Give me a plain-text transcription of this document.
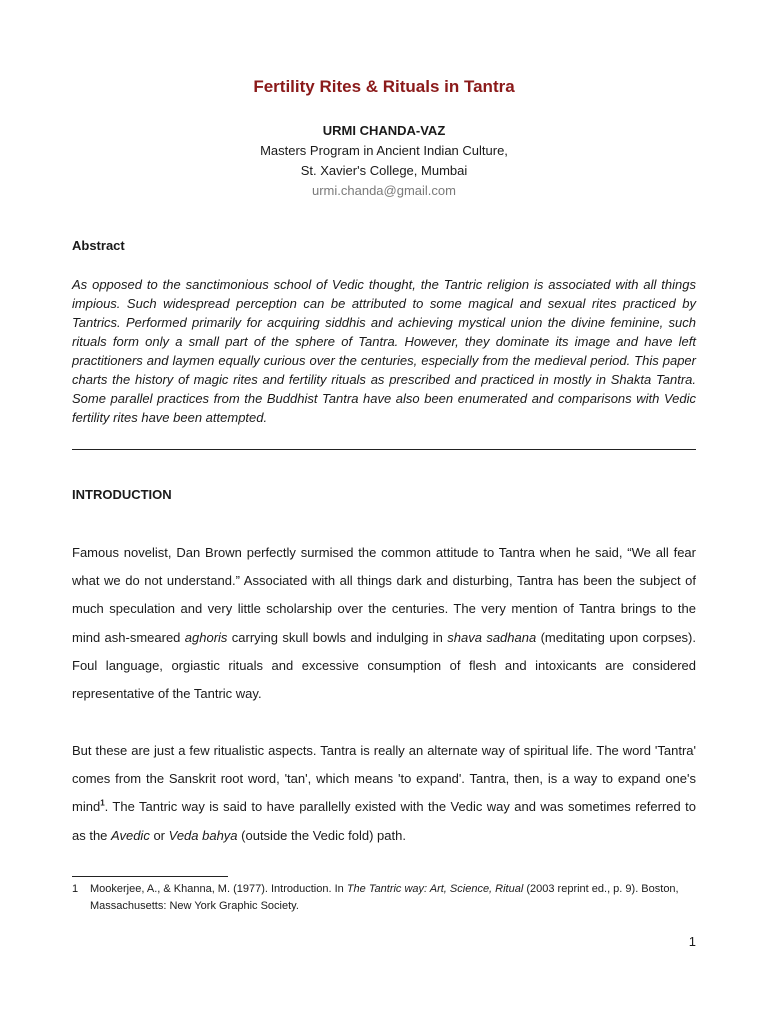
Fertility Rites & Rituals in Tantra
URMI CHANDA-VAZ
Masters Program in Ancient Indian Culture,
St. Xavier's College, Mumbai
urmi.chanda@gmail.com
Abstract
As opposed to the sanctimonious school of Vedic thought, the Tantric religion is associated with all things impious. Such widespread perception can be attributed to some magical and sexual rites practiced by Tantrics. Performed primarily for acquiring siddhis and achieving mystical union the divine feminine, such rituals form only a small part of the sphere of Tantra. However, they dominate its image and have left practitioners and laymen equally curious over the centuries, especially from the medieval period. This paper charts the history of magic rites and fertility rituals as prescribed and practiced in mostly in Shakta Tantra. Some parallel practices from the Buddhist Tantra have also been enumerated and comparisons with Vedic fertility rites have been attempted.
INTRODUCTION
Famous novelist, Dan Brown perfectly surmised the common attitude to Tantra when he said, “We all fear what we do not understand.” Associated with all things dark and disturbing, Tantra has been the subject of much speculation and very little scholarship over the centuries. The very mention of Tantra brings to the mind ash-smeared aghoris carrying skull bowls and indulging in shava sadhana (meditating upon corpses). Foul language, orgiastic rituals and excessive consumption of flesh and intoxicants are considered representative of the Tantric way.
But these are just a few ritualistic aspects. Tantra is really an alternate way of spiritual life. The word 'Tantra' comes from the Sanskrit root word, 'tan', which means 'to expand'. Tantra, then, is a way to expand one's mind$^1$. The Tantric way is said to have parallelly existed with the Vedic way and was sometimes referred to as the Avedic or Veda bahya (outside the Vedic fold) path.
1 Mookerjee, A., & Khanna, M. (1977). Introduction. In The Tantric way: Art, Science, Ritual (2003 reprint ed., p. 9). Boston, Massachusetts: New York Graphic Society.
1
